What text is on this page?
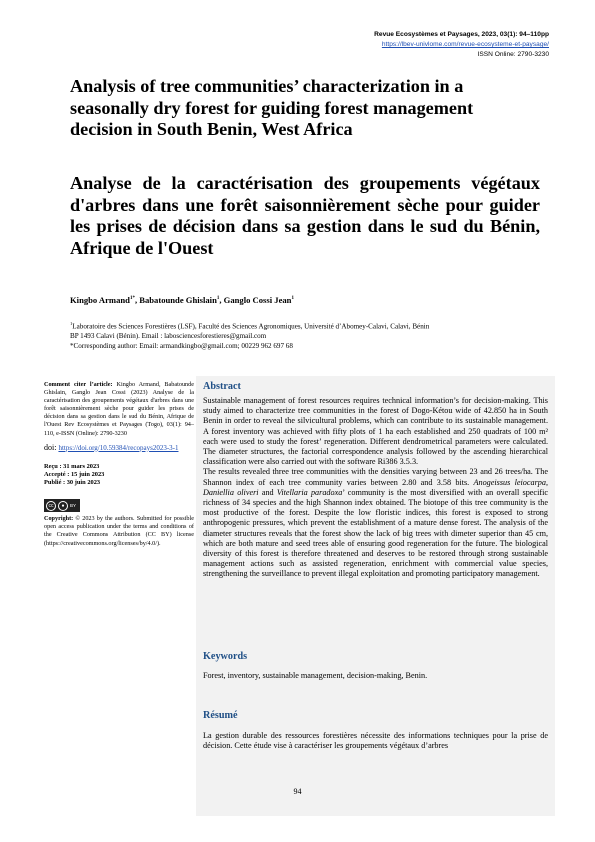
Revue Ecosystèmes et Paysages, 2023, 03(1): 94–110pp
https://lbev-univlome.com/revue-ecosysteme-et-paysage/
ISSN Online: 2790-3230
Analysis of tree communities’ characterization in a seasonally dry forest for guiding forest management decision in South Benin, West Africa
Analyse de la caractérisation des groupements végétaux d'arbres dans une forêt saisonnièrement sèche pour guider les prises de décision dans sa gestion dans le sud du Bénin, Afrique de l'Ouest
Kingbo Armand$^{1*}$, Babatounde Ghislain$^1$, Ganglo Cossi Jean$^1$
$^1$Laboratoire des Sciences Forestières (LSF), Faculté des Sciences Agronomiques, Université d’Abomey-Calavi, Calavi, Bénin
BP 1493 Calavi (Bénin). Email : labosciencesforestieres@gmail.com
*Corresponding author: Email: armandkingbo@gmail.com; 00229 962 697 68
Comment citer l’article: Kingbo Armand, Babatounde Ghislain, Ganglo Jean Cossi (2023) Analyse de la caractérisation des groupements végétaux d'arbres dans une forêt saisonnièrement sèche pour guider les prises de décision dans sa gestion dans le sud du Bénin, Afrique de l'Ouest Rev Ecosystèmes et Paysages (Togo), 03(1): 94–110, e-ISSN (Online): 2790-3230
doi: https://doi.org/10.59384/recopays2023-3-1
Reçu : 31 mars 2023
Accepté : 15 juin 2023
Publié : 30 juin 2023
cc	●	BY
Copyright: © 2023 by the authors. Submitted for possible open access publication under the terms and conditions of the Creative Commons Attribution (CC BY) license (https://creativecommons.org/licenses/by/4.0/).
Abstract

Sustainable management of forest resources requires technical information’s for decision-making. This study aimed to characterize tree communities in the forest of Dogo-Kétou wide of 42.850 ha in South Benin in order to reveal the silvicultural problems, which can contribute to its sustainable management. A forest inventory was achieved with fifty plots of 1 ha each established and 250 quadrats of 100 m² each were used to study the forest’ regeneration. Different dendrometrical parameters were calculated. The diameter structures, the factorial correspondence analysis followed by the ascending hierarchical classification were also carried out with the software Ri386 3.5.3.

The results revealed three tree communities with the densities varying between 23 and 26 trees/ha. The Shannon index of each tree community varies between 2.80 and 3.58 bits. Anogeissus leiocarpa, Daniellia oliveri and Vitellaria paradoxa’ community is the most diversified with an overall specific richness of 34 species and the high Shannon index obtained. The biotope of this tree community is the most productive of the forest. Despite the low floristic indices, this forest is exposed to strong anthropogenic pressures, which prevent the establishment of a mature dense forest. The analysis of the diameter structures reveals that the forest show the lack of big trees with dimeter superior than 45 cm, which are both mature and seed trees able of ensuring good regeneration for the future. The biological diversity of this forest is therefore threatened and deserves to be restored through strong sustainable management actions such as assisted regeneration, enrichment with commercial value species, strengthening the surveillance to prevent illegal exploitation and promoting participatory management.

Keywords

Forest, inventory, sustainable management, decision-making, Benin.

Résumé

La gestion durable des ressources forestières nécessite des informations techniques pour la prise de décision. Cette étude vise à caractériser les groupements végétaux d’arbres

94
